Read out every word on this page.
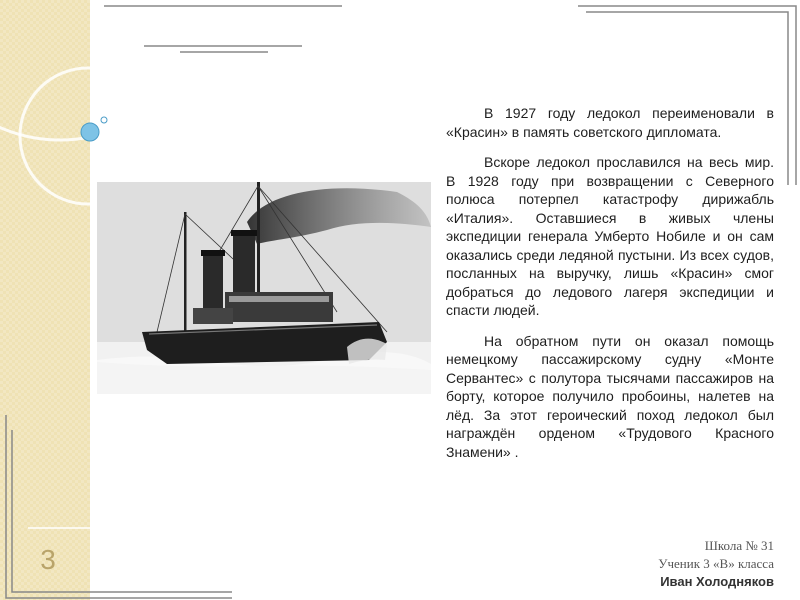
3

В 1927 году ледокол переименовали в «Красин» в память советского дипломата.

Вскоре ледокол прославился на весь мир. В 1928 году при возвращении с Северного полюса потерпел катастрофу дирижабль «Италия». Оставшиеся в живых члены экспедиции генерала Умберто Нобиле и он сам оказались среди ледяной пустыни. Из всех судов, посланных на выручку, лишь «Красин» смог добраться до ледового лагеря экспедиции и спасти людей.

На обратном пути он оказал помощь немецкому пассажирскому судну «Монте Сервантес» с полутора тысячами пассажиров на борту, которое получило пробоины, налетев на лёд. За этот героический поход ледокол был награждён орденом «Трудового Красного Знамени» .

Школа № 31
Ученик 3 «В» класса
Иван Холодняков
